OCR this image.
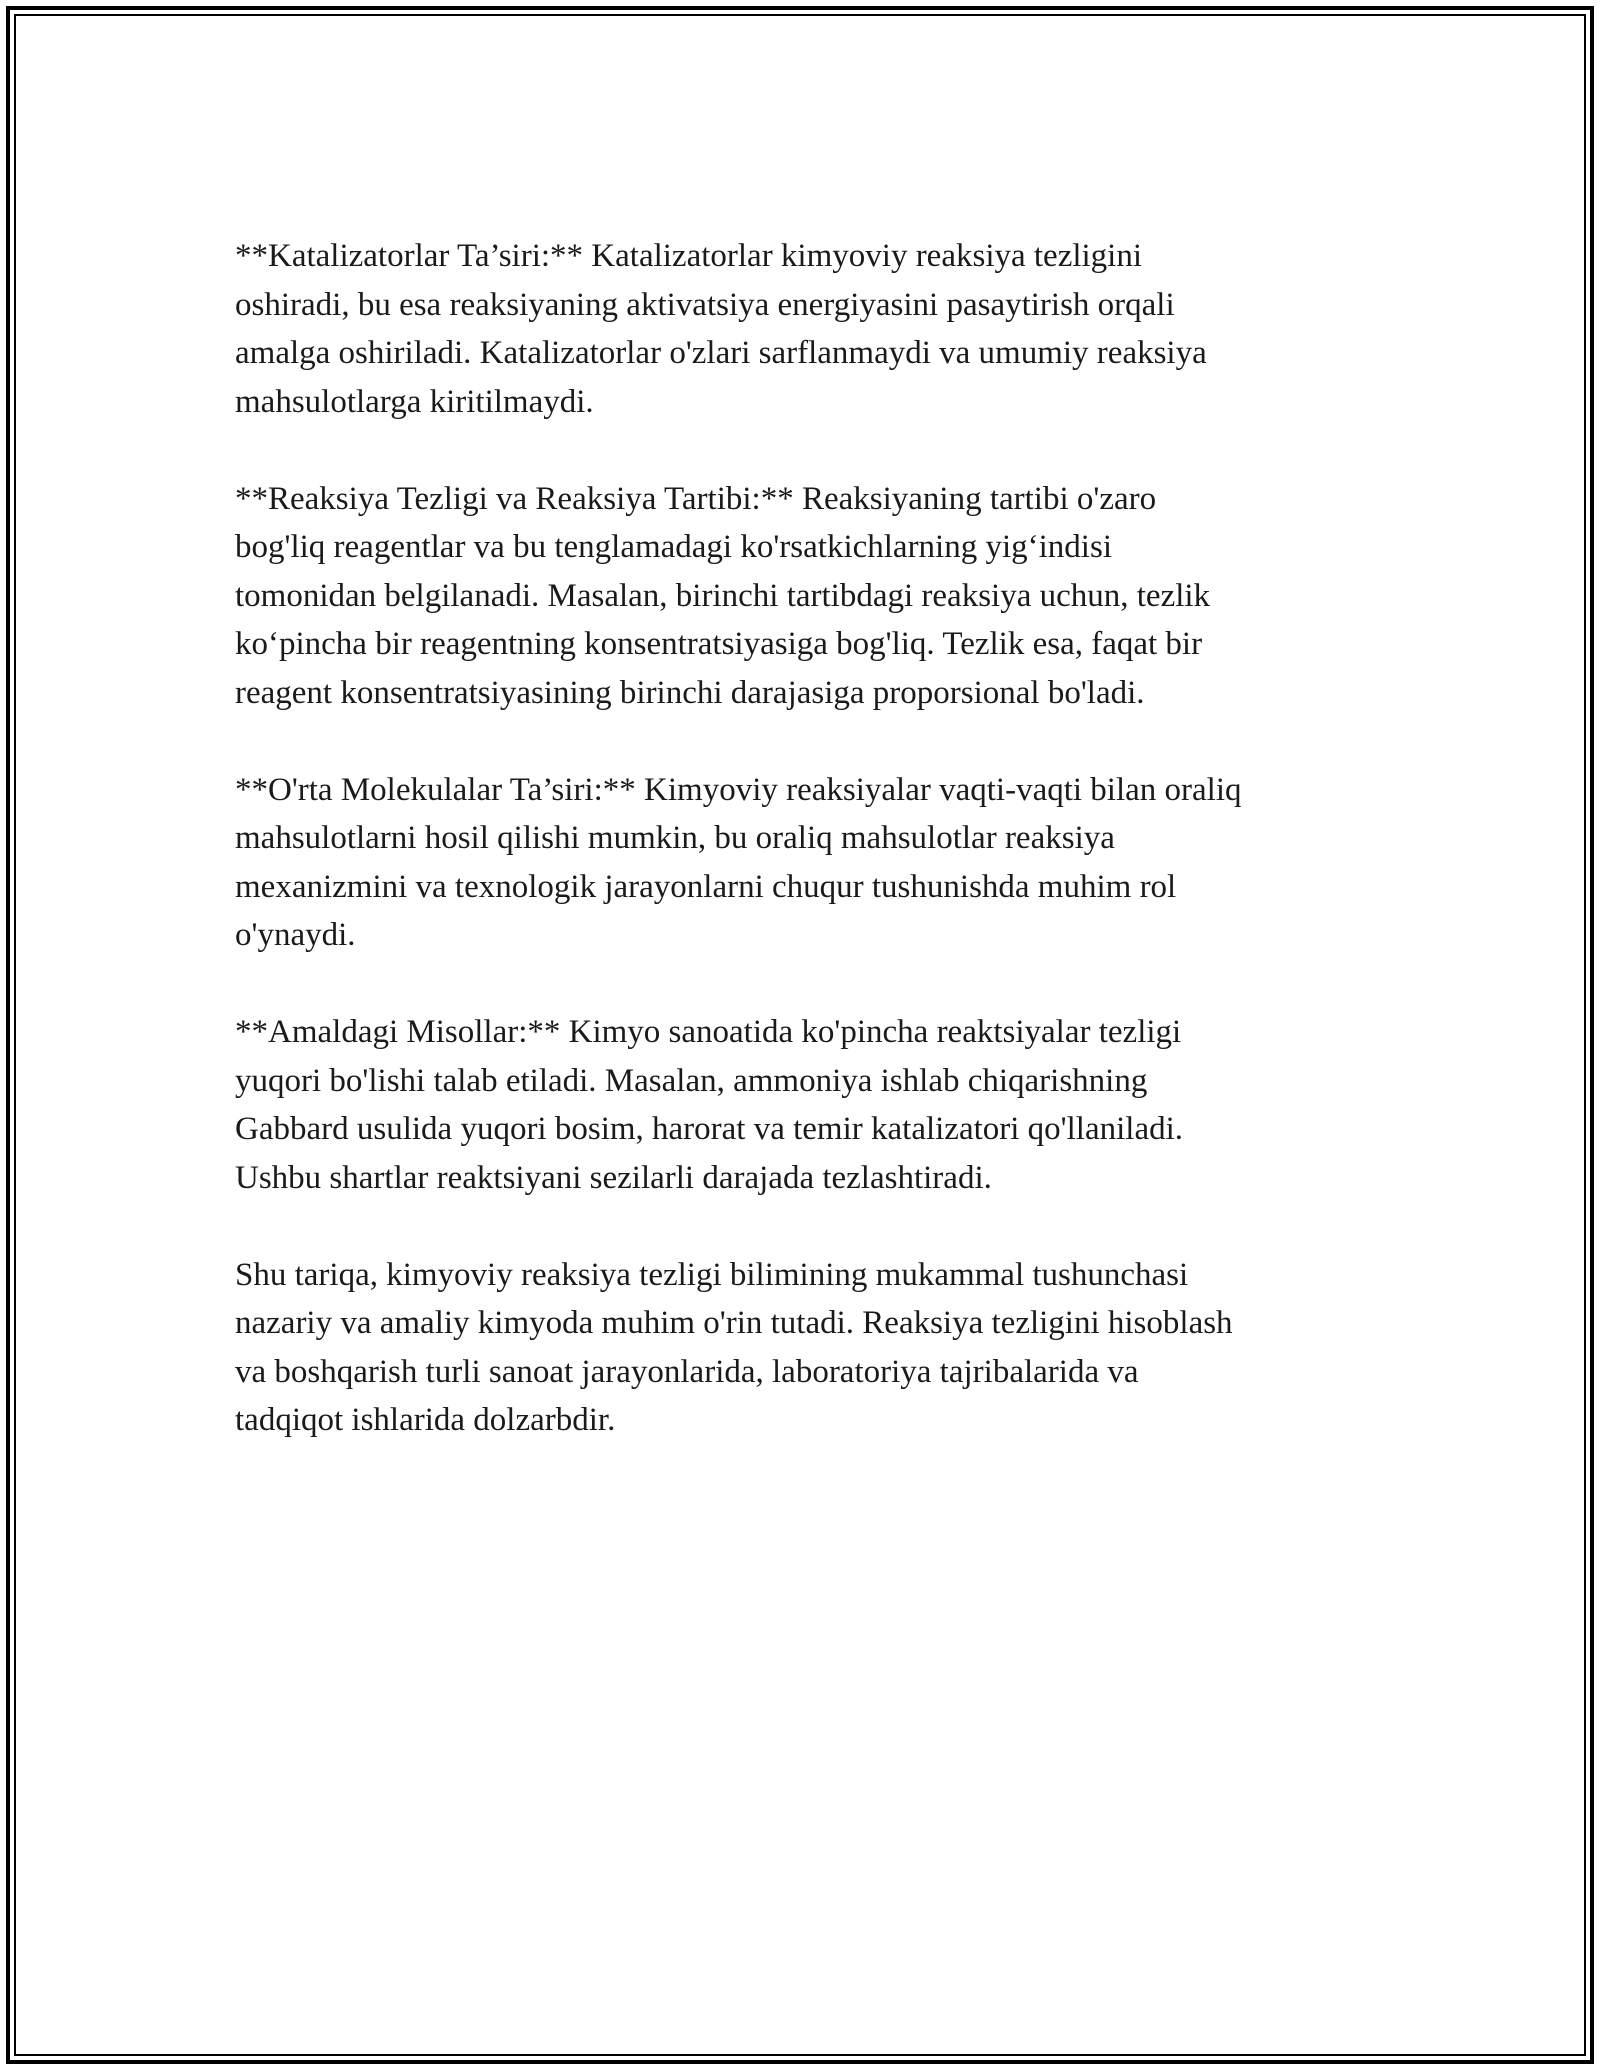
**Katalizatorlar Ta’siri:** Katalizatorlar kimyoviy reaksiya tezligini
oshiradi, bu esa reaksiyaning aktivatsiya energiyasini pasaytirish orqali
amalga oshiriladi. Katalizatorlar o'zlari sarflanmaydi va umumiy reaksiya
mahsulotlarga kiritilmaydi.

**Reaksiya Tezligi va Reaksiya Tartibi:** Reaksiyaning tartibi o'zaro
bog'liq reagentlar va bu tenglamadagi ko'rsatkichlarning yig‘indisi
tomonidan belgilanadi. Masalan, birinchi tartibdagi reaksiya uchun, tezlik
ko‘pincha bir reagentning konsentratsiyasiga bog'liq. Tezlik esa, faqat bir
reagent konsentratsiyasining birinchi darajasiga proporsional bo'ladi.

**O'rta Molekulalar Ta’siri:** Kimyoviy reaksiyalar vaqti-vaqti bilan oraliq
mahsulotlarni hosil qilishi mumkin, bu oraliq mahsulotlar reaksiya
mexanizmini va texnologik jarayonlarni chuqur tushunishda muhim rol
o'ynaydi.

**Amaldagi Misollar:** Kimyo sanoatida ko'pincha reaktsiyalar tezligi
yuqori bo'lishi talab etiladi. Masalan, ammoniya ishlab chiqarishning
Gabbard usulida yuqori bosim, harorat va temir katalizatori qo'llaniladi.
Ushbu shartlar reaktsiyani sezilarli darajada tezlashtiradi.

Shu tariqa, kimyoviy reaksiya tezligi bilimining mukammal tushunchasi
nazariy va amaliy kimyoda muhim o'rin tutadi. Reaksiya tezligini hisoblash
va boshqarish turli sanoat jarayonlarida, laboratoriya tajribalarida va
tadqiqot ishlarida dolzarbdir.
